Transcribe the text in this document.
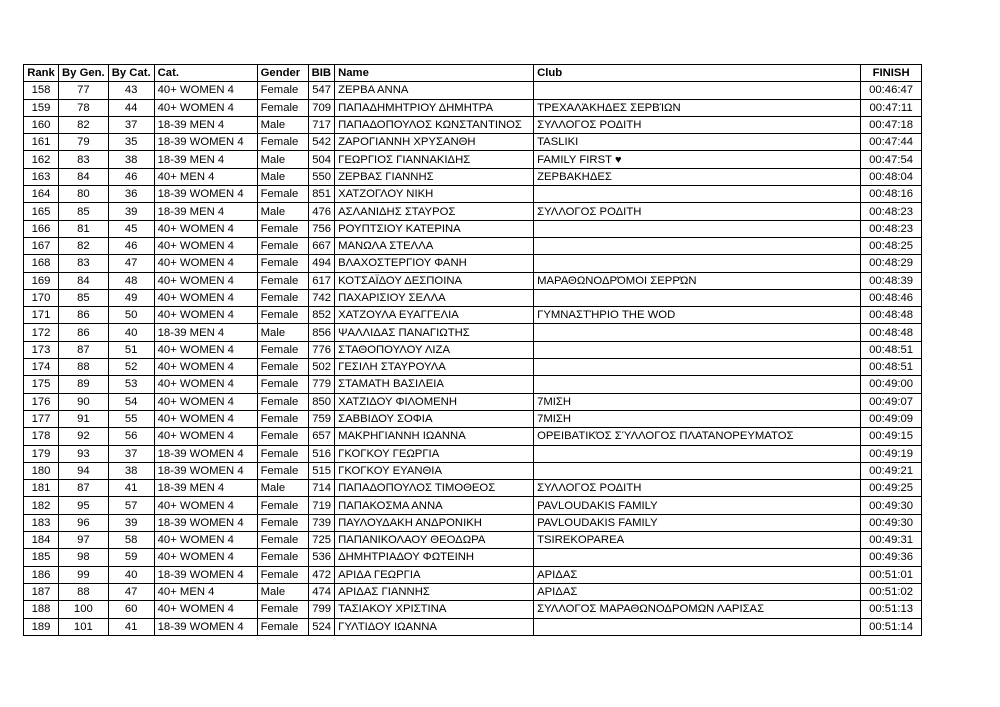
Rank	By Gen.	By Cat.	Cat.	Gender	BIB	Name	Club	FINISH
158	77	43	40+ WOMEN 4	Female	547	ΖΕΡΒΑ ΑΝΝΑ		00:46:47
159	78	44	40+ WOMEN 4	Female	709	ΠΑΠΑΔΗΜΗΤΡΙΟΥ ΔΗΜΗΤΡΑ	ΤΡΕΧΑΛΆΚΗΔΕΣ ΣΕΡΒΊΩΝ	00:47:11
160	82	37	18-39 MEN 4	Male	717	ΠΑΠΑΔΟΠΟΥΛΟΣ ΚΩΝΣΤΑΝΤΙΝΟΣ	ΣΥΛΛΟΓΟΣ ΡΟΔΙΤΗ	00:47:18
161	79	35	18-39 WOMEN 4	Female	542	ΖΑΡΟΓΙΑΝΝΗ ΧΡΥΣΑΝΘΗ	TASLIKI	00:47:44
162	83	38	18-39 MEN 4	Male	504	ΓΕΩΡΓΙΟΣ ΓΙΑΝΝΑΚΙΔΗΣ	FAMILY FIRST ♥	00:47:54
163	84	46	40+ MEN 4	Male	550	ΖΕΡΒΑΣ ΓΙΑΝΝΗΣ	ΖΕΡΒΑΚΗΔΕΣ	00:48:04
164	80	36	18-39 WOMEN 4	Female	851	ΧΑΤΖΟΓΛΟΥ ΝΙΚΗ		00:48:16
165	85	39	18-39 MEN 4	Male	476	ΑΣΛΑΝΙΔΗΣ ΣΤΑΥΡΟΣ	ΣΥΛΛΟΓΟΣ ΡΟΔΙΤΗ	00:48:23
166	81	45	40+ WOMEN 4	Female	756	ΡΟΥΠΤΣΙΟΥ ΚΑΤΕΡΙΝΑ		00:48:23
167	82	46	40+ WOMEN 4	Female	667	ΜΑΝΩΛΑ ΣΤΕΛΛΑ		00:48:25
168	83	47	40+ WOMEN 4	Female	494	ΒΛΑΧΟΣΤΕΡΓΙΟΥ ΦΑΝΗ		00:48:29
169	84	48	40+ WOMEN 4	Female	617	ΚΟΤΣΑΪΔΟΥ ΔΕΣΠΟΙΝΑ	ΜΑΡΑΘΩΝΟΔΡΌΜΟΙ ΣΕΡΡΏΝ	00:48:39
170	85	49	40+ WOMEN 4	Female	742	ΠΑΧΑΡΙΣΙΟΥ ΣΕΛΛΑ		00:48:46
171	86	50	40+ WOMEN 4	Female	852	ΧΑΤΖΟΥΛΑ ΕΥΑΓΓΕΛΙΑ	ΓΥΜΝΑΣΤΉΡΙΟ THE WOD	00:48:48
172	86	40	18-39 MEN 4	Male	856	ΨΑΛΛΙΔΑΣ ΠΑΝΑΓΙΩΤΗΣ		00:48:48
173	87	51	40+ WOMEN 4	Female	776	ΣΤΑΘΟΠΟΥΛΟΥ ΛΙΖΑ		00:48:51
174	88	52	40+ WOMEN 4	Female	502	ΓΕΣΙΛΗ ΣΤΑΥΡΟΥΛΑ		00:48:51
175	89	53	40+ WOMEN 4	Female	779	ΣΤΑΜΑΤΗ ΒΑΣΙΛΕΙΑ		00:49:00
176	90	54	40+ WOMEN 4	Female	850	ΧΑΤΖΙΔΟΥ ΦΙΛΟΜΕΝΗ	7ΜΙΣΗ	00:49:07
177	91	55	40+ WOMEN 4	Female	759	ΣΑΒΒΙΔΟΥ ΣΟΦΙΑ	7ΜΙΣΗ	00:49:09
178	92	56	40+ WOMEN 4	Female	657	ΜΑΚΡΗΓΙΑΝΝΗ ΙΩΑΝΝΑ	ΟΡΕΙΒΑΤΙΚΌΣ ΣΎΛΛΟΓΟΣ ΠΛΑΤΑΝΟΡΕΥΜΑΤΟΣ	00:49:15
179	93	37	18-39 WOMEN 4	Female	516	ΓΚΟΓΚΟΥ ΓΕΩΡΓΙΑ		00:49:19
180	94	38	18-39 WOMEN 4	Female	515	ΓΚΟΓΚΟΥ ΕΥΑΝΘΙΑ		00:49:21
181	87	41	18-39 MEN 4	Male	714	ΠΑΠΑΔΟΠΟΥΛΟΣ ΤΙΜΟΘΕΟΣ	ΣΥΛΛΟΓΟΣ ΡΟΔΙΤΗ	00:49:25
182	95	57	40+ WOMEN 4	Female	719	ΠΑΠΑΚΟΣΜΑ ΑΝΝΑ	PAVLOUDAKIS FAMILY	00:49:30
183	96	39	18-39 WOMEN 4	Female	739	ΠΑΥΛΟΥΔΑΚΗ ΑΝΔΡΟΝΙΚΗ	PAVLOUDAKIS FAMILY	00:49:30
184	97	58	40+ WOMEN 4	Female	725	ΠΑΠΑΝΙΚΟΛΑΟΥ ΘΕΟΔΩΡΑ	TSIREKOPAREA	00:49:31
185	98	59	40+ WOMEN 4	Female	536	ΔΗΜΗΤΡΙΑΔΟΥ ΦΩΤΕΙΝΗ		00:49:36
186	99	40	18-39 WOMEN 4	Female	472	ΑΡΙΔΑ ΓΕΩΡΓΙΑ	ΑΡΙΔΑΣ	00:51:01
187	88	47	40+ MEN 4	Male	474	ΑΡΙΔΑΣ ΓΙΑΝΝΗΣ	ΑΡΙΔΑΣ	00:51:02
188	100	60	40+ WOMEN 4	Female	799	ΤΑΣΙΑΚΟΥ ΧΡΙΣΤΙΝΑ	ΣΥΛΛΟΓΟΣ ΜΑΡΑΘΩΝΟΔΡΟΜΩΝ ΛΑΡΙΣΑΣ	00:51:13
189	101	41	18-39 WOMEN 4	Female	524	ΓΥΛΤΙΔΟΥ ΙΩΑΝΝΑ		00:51:14
